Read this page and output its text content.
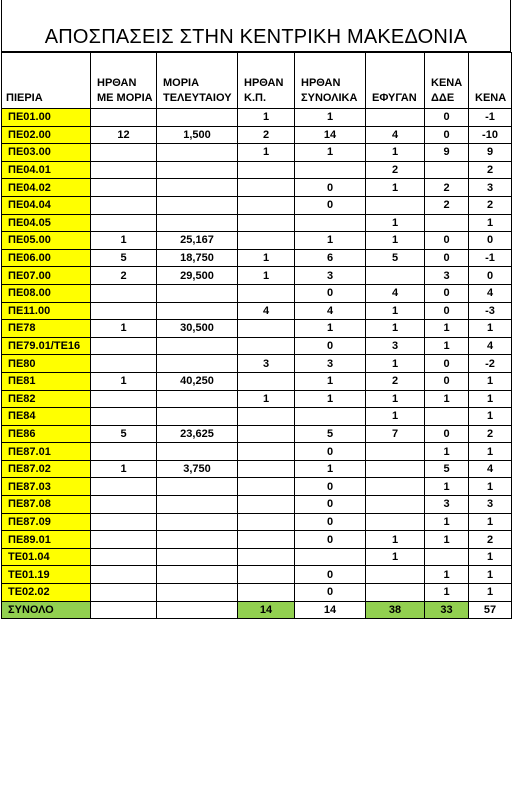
ΑΠΟΣΠΑΣΕΙΣ ΣΤΗΝ ΚΕΝΤΡΙΚΗ ΜΑΚΕΔΟΝΙΑ
ΠΙΕΡΙΑ	ΗΡΘΑΝ ΜΕ ΜΟΡΙΑ	ΜΟΡΙΑ ΤΕΛΕΥΤΑΙΟΥ	ΗΡΘΑΝ Κ.Π.	ΗΡΘΑΝ ΣΥΝΟΛΙΚΑ	ΕΦΥΓΑΝ	ΚΕΝΑ ΔΔΕ	ΚΕΝΑ
ΠΕ01.00			1	1		0	-1
ΠΕ02.00	12	1,500	2	14	4	0	-10
ΠΕ03.00			1	1	1	9	9
ΠΕ04.01					2		2
ΠΕ04.02				0	1	2	3
ΠΕ04.04				0		2	2
ΠΕ04.05					1		1
ΠΕ05.00	1	25,167		1	1	0	0
ΠΕ06.00	5	18,750	1	6	5	0	-1
ΠΕ07.00	2	29,500	1	3		3	0
ΠΕ08.00				0	4	0	4
ΠΕ11.00			4	4	1	0	-3
ΠΕ78	1	30,500		1	1	1	1
ΠΕ79.01/ΤΕ16				0	3	1	4
ΠΕ80			3	3	1	0	-2
ΠΕ81	1	40,250		1	2	0	1
ΠΕ82			1	1	1	1	1
ΠΕ84					1		1
ΠΕ86	5	23,625		5	7	0	2
ΠΕ87.01				0		1	1
ΠΕ87.02	1	3,750		1		5	4
ΠΕ87.03				0		1	1
ΠΕ87.08				0		3	3
ΠΕ87.09				0		1	1
ΠΕ89.01				0	1	1	2
ΤΕ01.04					1		1
ΤΕ01.19				0		1	1
ΤΕ02.02				0		1	1
ΣΥΝΟΛΟ			14	14	38	33	57
